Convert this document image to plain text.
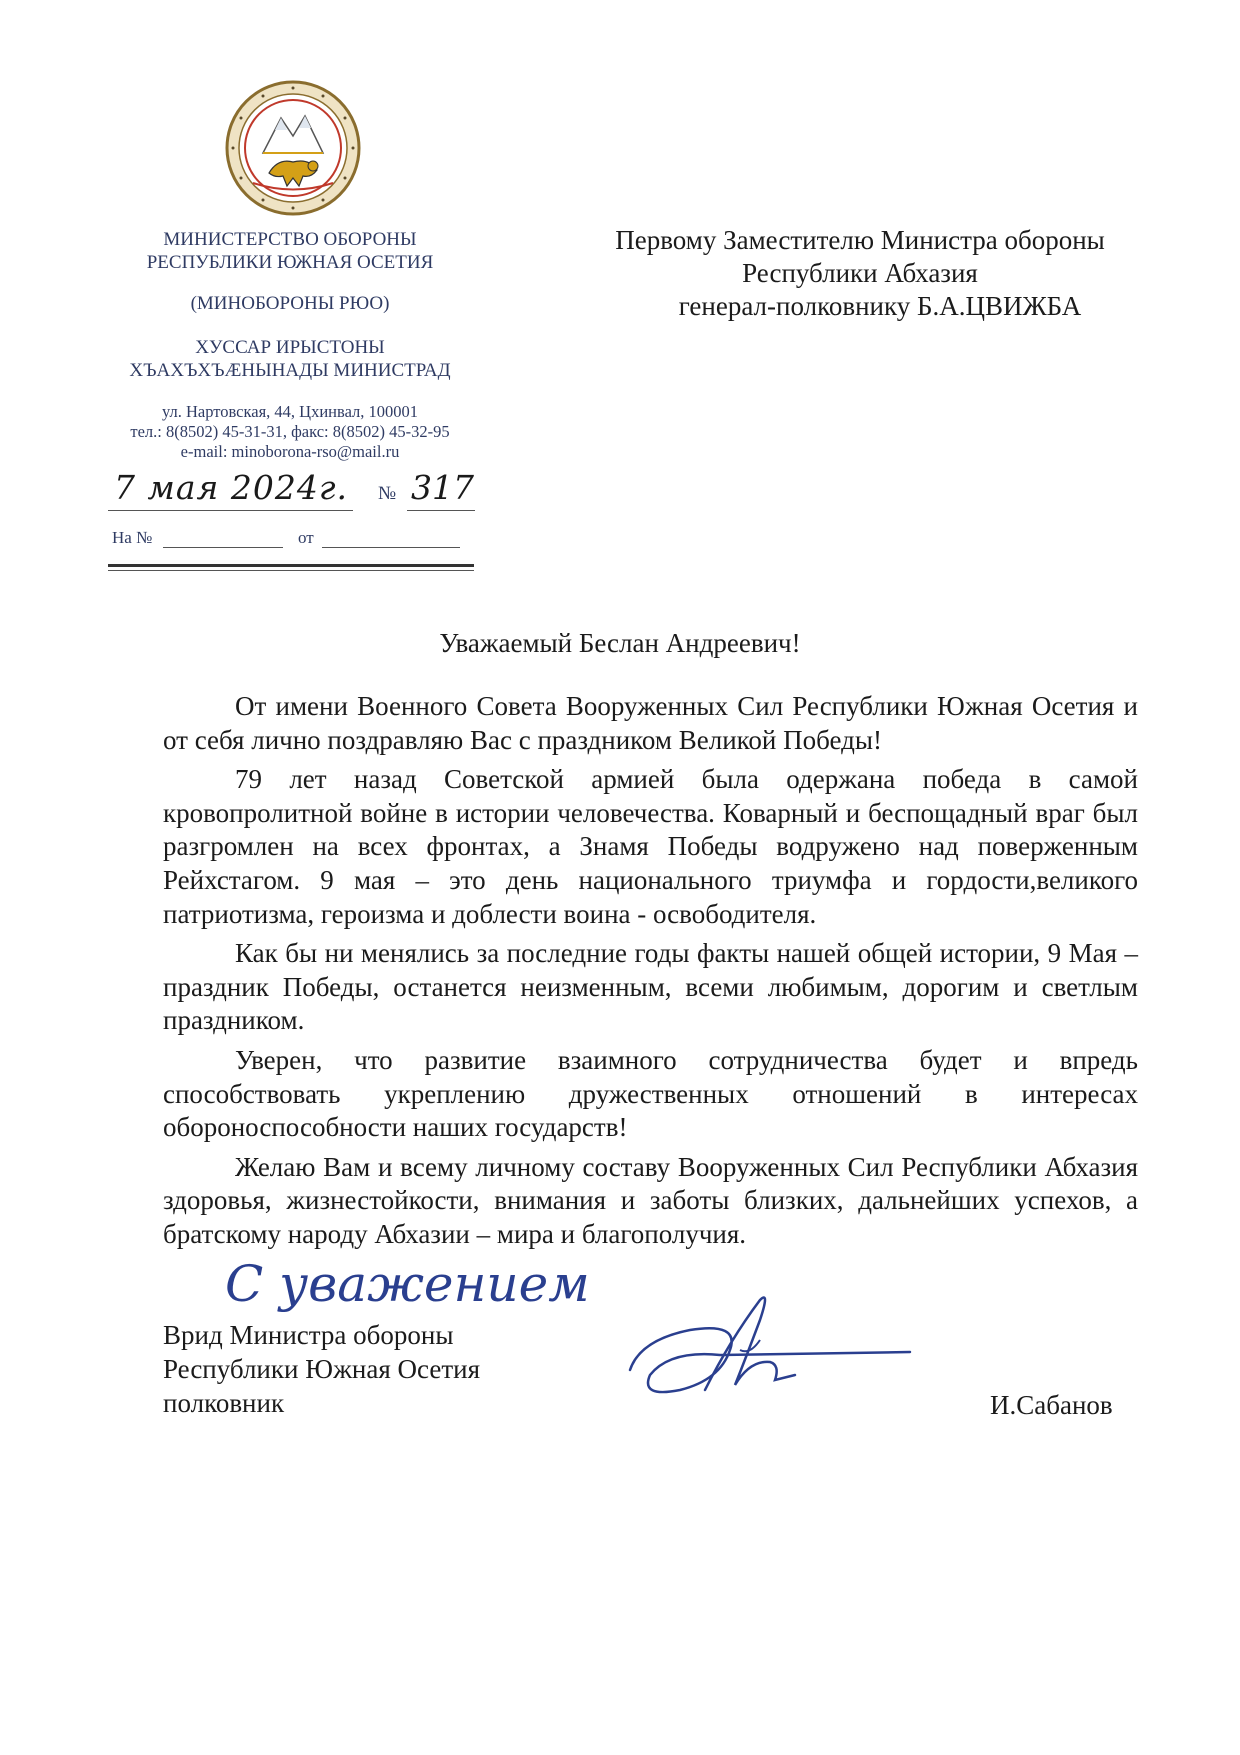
МИНИСТЕРСТВО ОБОРОНЫ
РЕСПУБЛИКИ ЮЖНАЯ ОСЕТИЯ
(МИНОБОРОНЫ РЮО)
ХУССАР ИРЫСТОНЫ
ХЪАХЪХЪÆНЫНАДЫ МИНИСТРАД
ул. Нартовская, 44, Цхинвал, 100001
тел.: 8(8502) 45-31-31, факс: 8(8502) 45-32-95
e-mail: minoborona-rso@mail.ru
7 мая 2024г. № 317
На №	от
Первому Заместителю Министра обороны
Республики Абхазия
генерал-полковнику Б.А.ЦВИЖБА
Уважаемый Беслан Андреевич!

От имени Военного Совета Вооруженных Сил Республики Южная Осетия и от себя лично поздравляю Вас с праздником Великой Победы!

79 лет назад Советской армией была одержана победа в самой кровопролитной войне в истории человечества. Коварный и беспощадный враг был разгромлен на всех фронтах, а Знамя Победы водружено над поверженным Рейхстагом. 9 мая – это день национального триумфа и гордости,великого патриотизма, героизма и доблести воина - освободителя.

Как бы ни менялись за последние годы факты нашей общей истории, 9 Мая – праздник Победы, останется неизменным, всеми любимым, дорогим и светлым праздником.

Уверен, что развитие взаимного сотрудничества будет и впредь способствовать укреплению дружественных отношений в интересах обороноспособности наших государств!

Желаю Вам и всему личному составу Вооруженных Сил Республики Абхазия здоровья, жизнестойкости, внимания и заботы близких, дальнейших успехов, а братскому народу Абхазии – мира и благополучия.

С уважением
Врид Министра обороны
Республики Южная Осетия
полковник	И.Сабанов
